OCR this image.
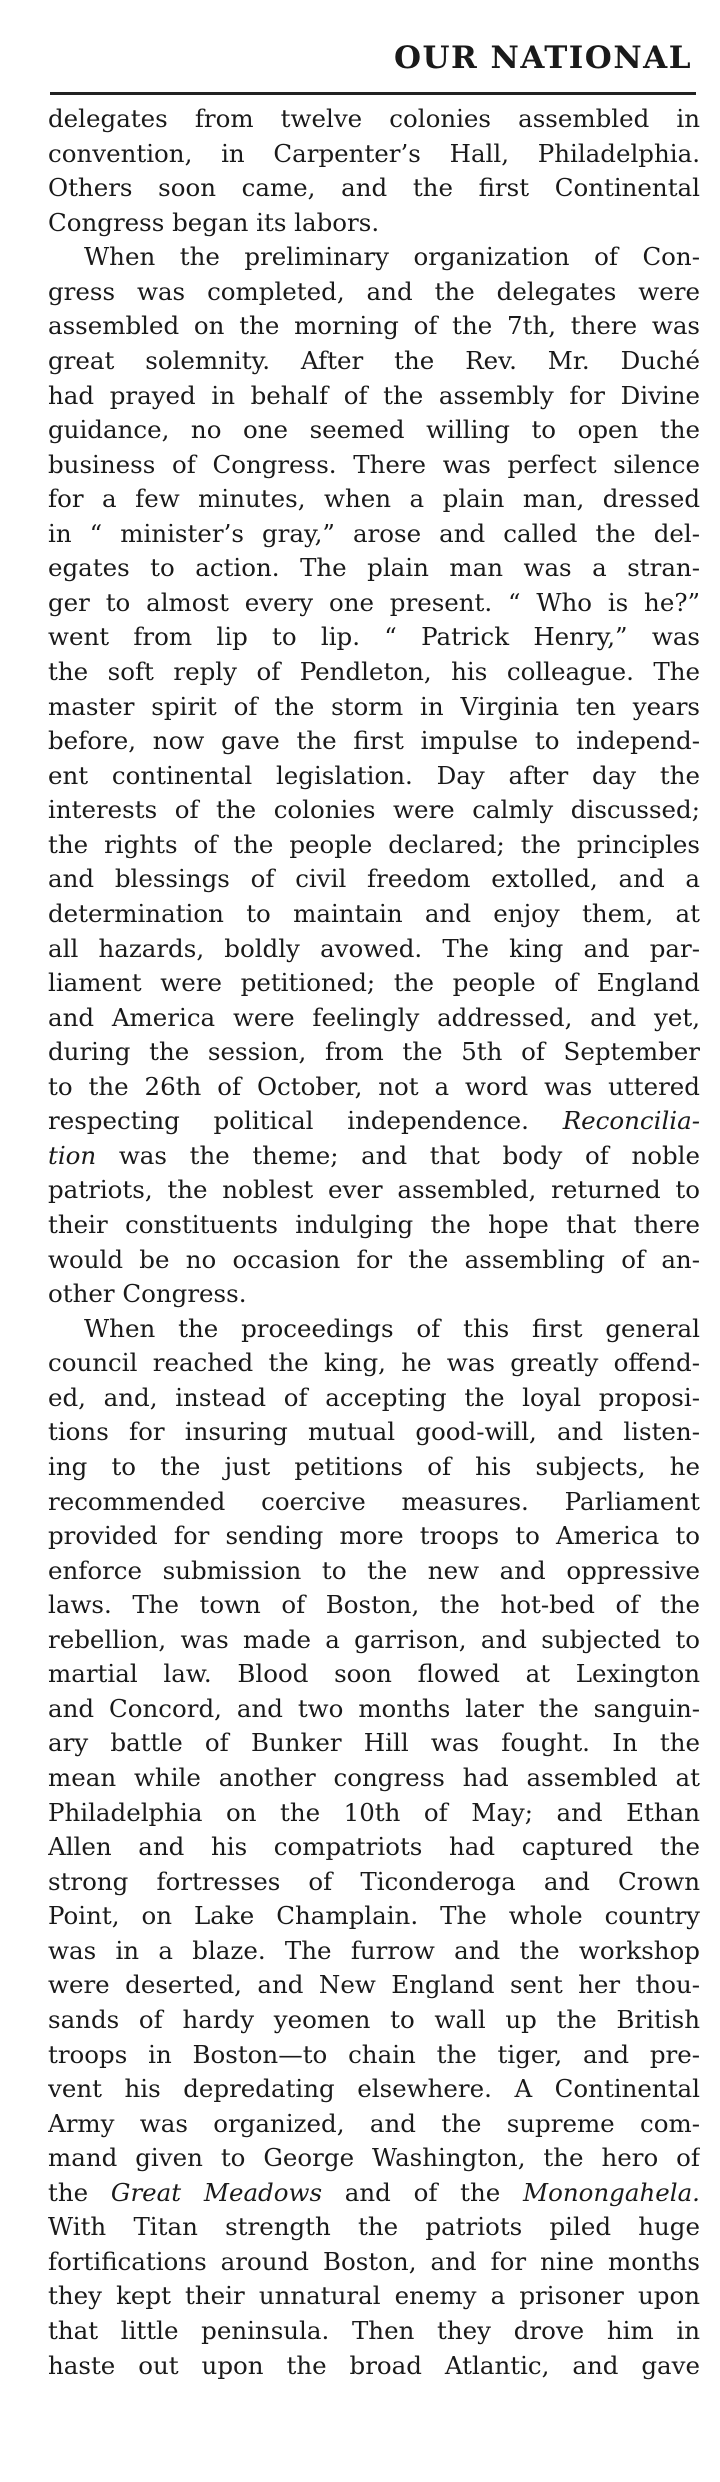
OUR NATIONAL
delegates from twelve colonies assembled in
convention, in Carpenter’s Hall, Philadelphia.
Others soon came, and the first Continental
Congress began its labors.
When the preliminary organization of Con-
gress was completed, and the delegates were
assembled on the morning of the 7th, there was
great solemnity. After the Rev. Mr. Duché
had prayed in behalf of the assembly for Divine
guidance, no one seemed willing to open the
business of Congress. There was perfect silence
for a few minutes, when a plain man, dressed
in “ minister’s gray,” arose and called the del-
egates to action. The plain man was a stran-
ger to almost every one present. “ Who is he?”
went from lip to lip. “ Patrick Henry,” was
the soft reply of Pendleton, his colleague. The
master spirit of the storm in Virginia ten years
before, now gave the first impulse to independ-
ent continental legislation. Day after day the
interests of the colonies were calmly discussed;
the rights of the people declared; the principles
and blessings of civil freedom extolled, and a
determination to maintain and enjoy them, at
all hazards, boldly avowed. The king and par-
liament were petitioned; the people of England
and America were feelingly addressed, and yet,
during the session, from the 5th of September
to the 26th of October, not a word was uttered
respecting political independence. Reconcilia-
tion was the theme; and that body of noble
patriots, the noblest ever assembled, returned to
their constituents indulging the hope that there
would be no occasion for the assembling of an-
other Congress.
When the proceedings of this first general
council reached the king, he was greatly offend-
ed, and, instead of accepting the loyal proposi-
tions for insuring mutual good-will, and listen-
ing to the just petitions of his subjects, he
recommended coercive measures. Parliament
provided for sending more troops to America to
enforce submission to the new and oppressive
laws. The town of Boston, the hot-bed of the
rebellion, was made a garrison, and subjected to
martial law. Blood soon flowed at Lexington
and Concord, and two months later the sanguin-
ary battle of Bunker Hill was fought. In the
mean while another congress had assembled at
Philadelphia on the 10th of May; and Ethan
Allen and his compatriots had captured the
strong fortresses of Ticonderoga and Crown
Point, on Lake Champlain. The whole country
was in a blaze. The furrow and the workshop
were deserted, and New England sent her thou-
sands of hardy yeomen to wall up the British
troops in Boston—to chain the tiger, and pre-
vent his depredating elsewhere. A Continental
Army was organized, and the supreme com-
mand given to George Washington, the hero of
the Great Meadows and of the Monongahela.
With Titan strength the patriots piled huge
fortifications around Boston, and for nine months
they kept their unnatural enemy a prisoner upon
that little peninsula. Then they drove him in
haste out upon the broad Atlantic, and gave
